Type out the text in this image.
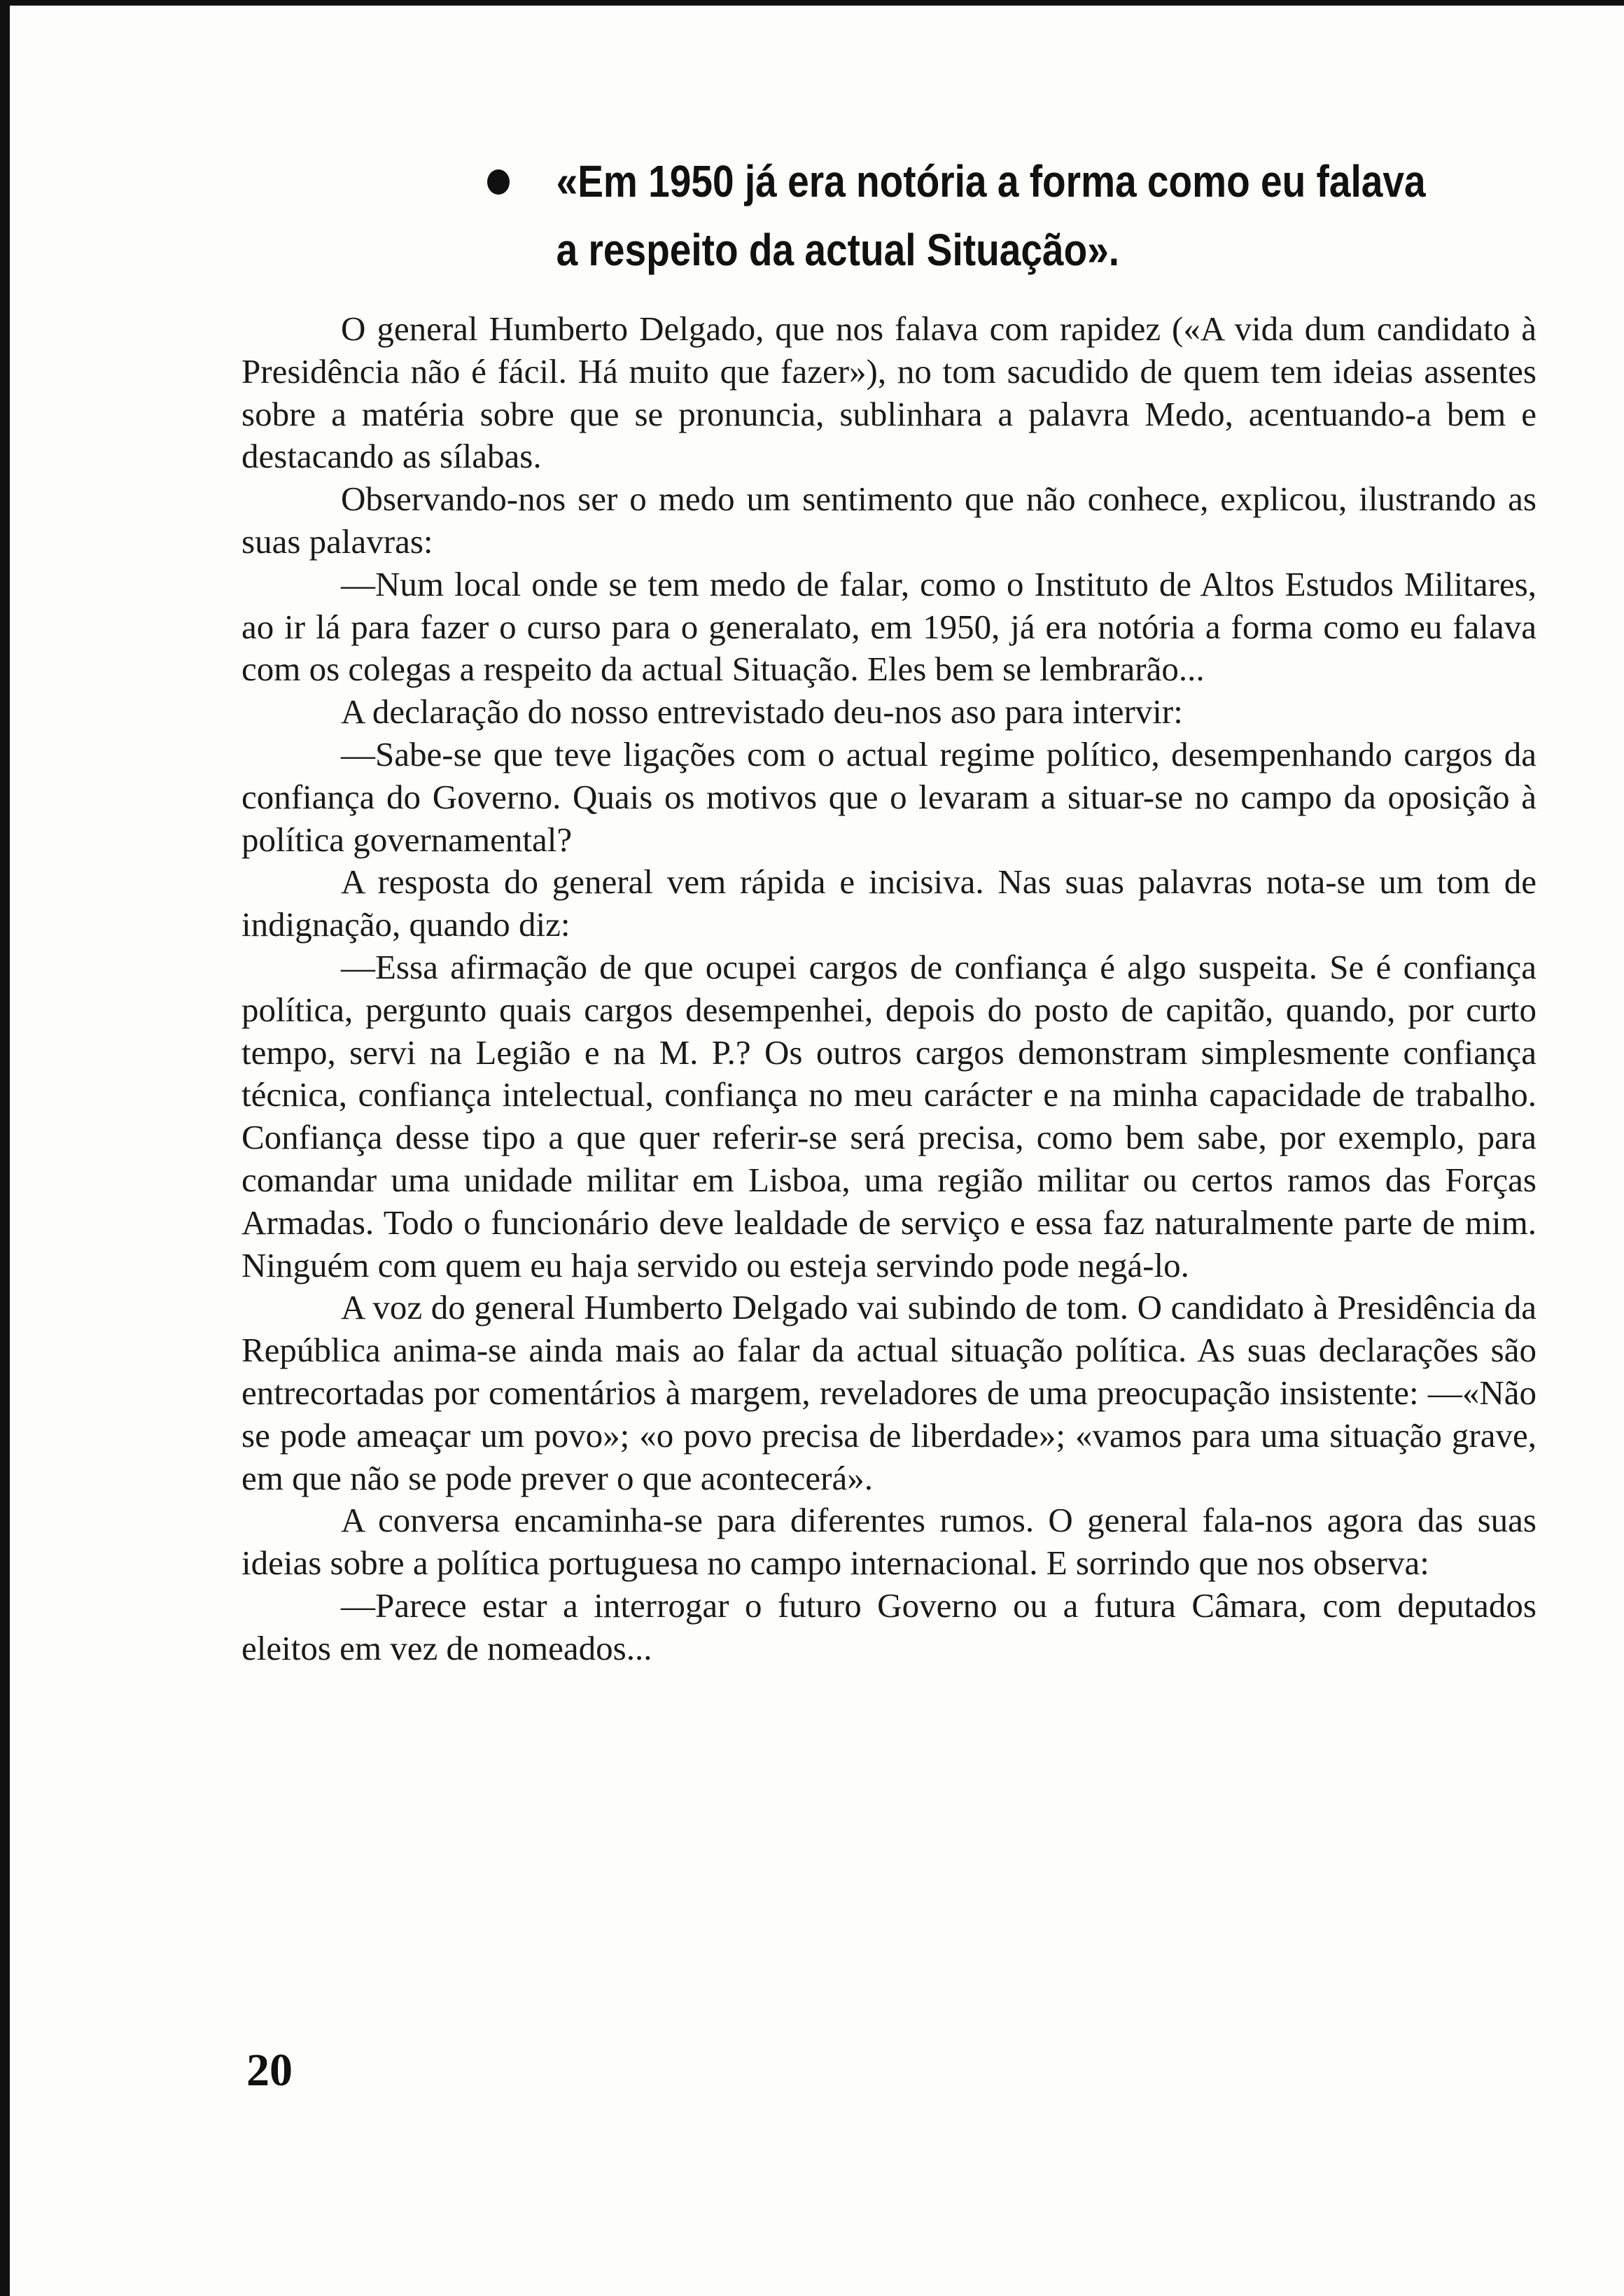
«Em 1950 já era notória a forma como eu falava
a respeito da actual Situação».

O general Humberto Delgado, que nos falava com rapidez («A vida dum candidato à Presidência não é fácil. Há muito que fazer»), no tom sacudido de quem tem ideias assentes sobre a matéria sobre que se pronuncia, sublinhara a palavra Medo, acentuando-a bem e destacando as sílabas.

Observando-nos ser o medo um sentimento que não conhece, explicou, ilustrando as suas palavras:

—Num local onde se tem medo de falar, como o Instituto de Altos Estudos Militares, ao ir lá para fazer o curso para o generalato, em 1950, já era notória a forma como eu falava com os colegas a respeito da actual Situação. Eles bem se lembrarão...

A declaração do nosso entrevistado deu-nos aso para intervir:

—Sabe-se que teve ligações com o actual regime político, desempenhando cargos da confiança do Governo. Quais os motivos que o levaram a situar-se no campo da oposição à política governamental?

A resposta do general vem rápida e incisiva. Nas suas palavras nota-se um tom de indignação, quando diz:

—Essa afirmação de que ocupei cargos de confiança é algo suspeita. Se é confiança política, pergunto quais cargos desempenhei, depois do posto de capitão, quando, por curto tempo, servi na Legião e na M. P.? Os outros cargos demonstram simplesmente confiança técnica, confiança intelectual, confiança no meu carácter e na minha capacidade de trabalho. Confiança desse tipo a que quer referir-se será precisa, como bem sabe, por exemplo, para comandar uma unidade militar em Lisboa, uma região militar ou certos ramos das Forças Armadas. Todo o funcionário deve lealdade de serviço e essa faz naturalmente parte de mim. Ninguém com quem eu haja servido ou esteja servindo pode negá-lo.

A voz do general Humberto Delgado vai subindo de tom. O candidato à Presidência da República anima-se ainda mais ao falar da actual situação política. As suas declarações são entrecortadas por comentários à margem, reveladores de uma preocupação insistente: —«Não se pode ameaçar um povo»; «o povo precisa de liberdade»; «vamos para uma situação grave, em que não se pode prever o que acontecerá».

A conversa encaminha-se para diferentes rumos. O general fala-nos agora das suas ideias sobre a política portuguesa no campo internacional. E sorrindo que nos observa:

—Parece estar a interrogar o futuro Governo ou a futura Câmara, com deputados eleitos em vez de nomeados...

20
